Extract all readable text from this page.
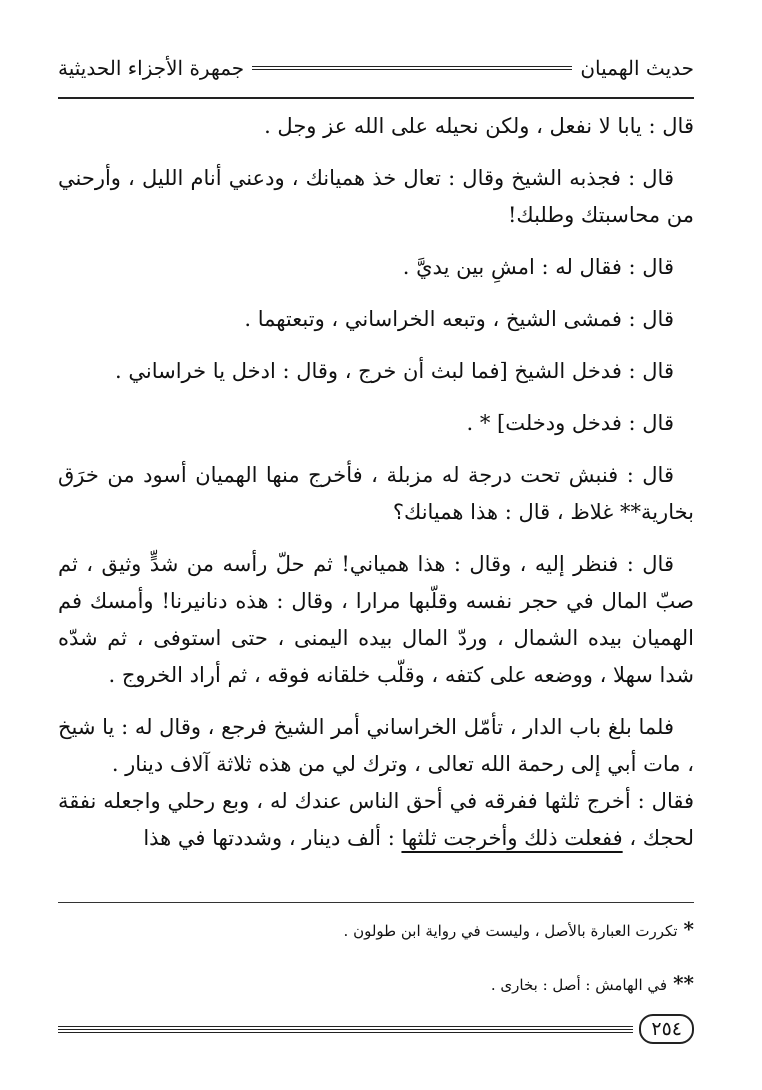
حديث الهميان
جمهرة الأجزاء الحديثية

قال : يابا لا نفعل ، ولكن نحيله على الله عز وجل .

قال : فجذبه الشيخ وقال : تعال خذ هميانك ، ودعني أنام الليل ، وأرحني من محاسبتك وطلبك!

قال : فقال له : امشِ بين يديَّ .

قال : فمشى الشيخ ، وتبعه الخراساني ، وتبعتهما .

قال : فدخل الشيخ [فما لبث أن خرج ، وقال : ادخل يا خراساني .

قال : فدخل ودخلت] * .

قال : فنبش تحت درجة له مزبلة ، فأخرج منها الهميان أسود من خرَق بخارية** غلاظ ، قال : هذا هميانك؟

قال : فنظر إليه ، وقال : هذا همياني! ثم حلّ رأسه من شدٍّ وثيق ، ثم صبّ المال في حجر نفسه وقلّبها مرارا ، وقال : هذه دنانيرنا! وأمسك فم الهميان بيده الشمال ، وردّ المال بيده اليمنى ، حتى استوفى ، ثم شدّه شدا سهلا ، ووضعه على كتفه ، وقلّب خلقانه فوقه ، ثم أراد الخروج .

فلما بلغ باب الدار ، تأمّل الخراساني أمر الشيخ فرجع ، وقال له : يا شيخ ، مات أبي إلى رحمة الله تعالى ، وترك لي من هذه ثلاثة آلاف دينار .

فقال : أخرج ثلثها ففرقه في أحق الناس عندك له ، وبع رحلي واجعله نفقة لحجك ، ففعلت ذلك وأخرجت ثلثها : ألف دينار ، وشددتها في هذا

*تكررت العبارة بالأصل ، وليست في رواية ابن طولون .

**في الهامش : أصل : بخارى .

٢٥٤
